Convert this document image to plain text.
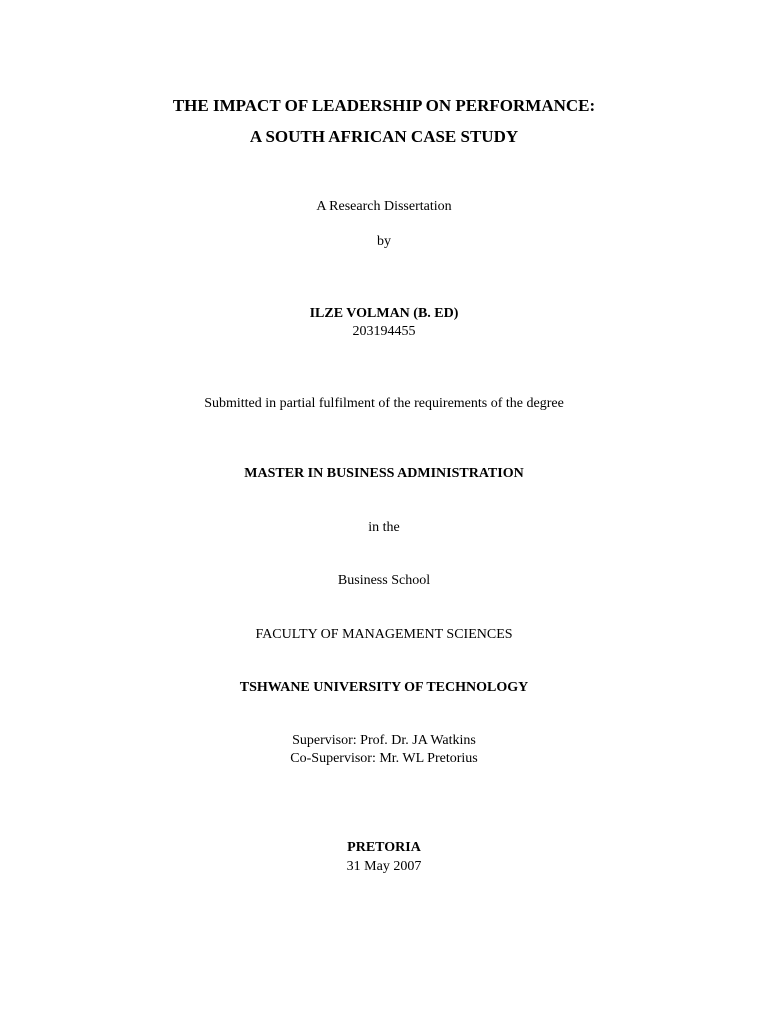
THE IMPACT OF LEADERSHIP ON PERFORMANCE:
A SOUTH AFRICAN CASE STUDY
A Research Dissertation
by
ILZE VOLMAN (B. ED)
203194455
Submitted in partial fulfilment of the requirements of the degree
MASTER IN BUSINESS ADMINISTRATION
in the
Business School
FACULTY OF MANAGEMENT SCIENCES
TSHWANE UNIVERSITY OF TECHNOLOGY
Supervisor: Prof. Dr. JA Watkins
Co-Supervisor: Mr. WL Pretorius
PRETORIA
31 May 2007
